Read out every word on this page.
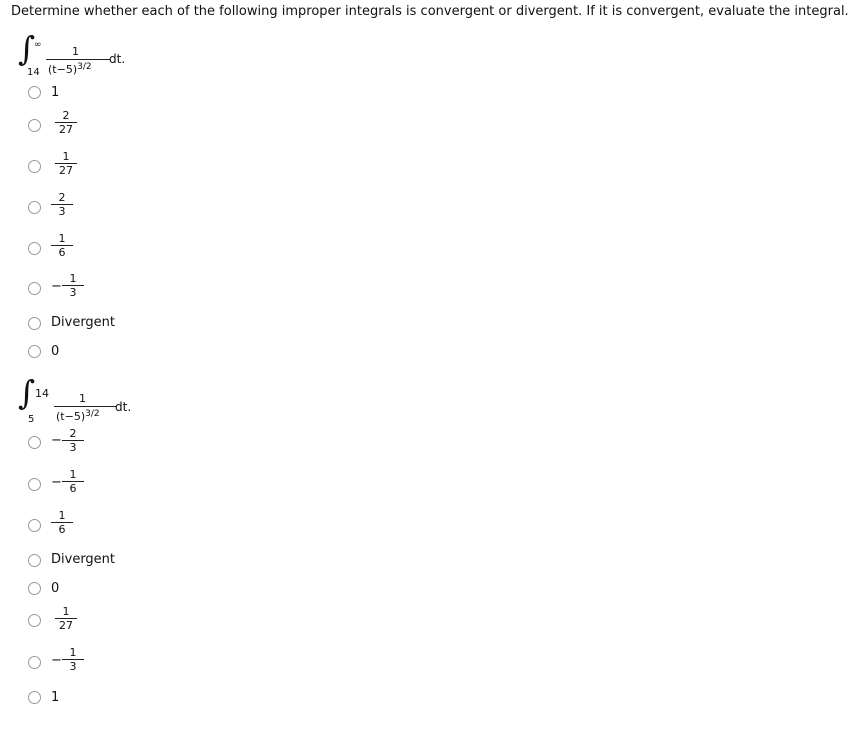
Determine whether each of the following improper integrals is convergent or divergent. If it is convergent, evaluate the integral.
∫
∞
14
1
$(t-5)^{3/2}$
dt.
1
$\frac{2}{27}$
$\frac{1}{27}$
$\frac{2}{3}$
$\frac{1}{6}$
− $\frac{1}{3}$
Divergent
0
∫ 14
5
1
$(t-5)^{3/2}$ dt.
− $\frac{2}{3}$
− $\frac{1}{6}$
$\frac{1}{6}$
Divergent
0
$\frac{1}{27}$
− $\frac{1}{3}$
1
